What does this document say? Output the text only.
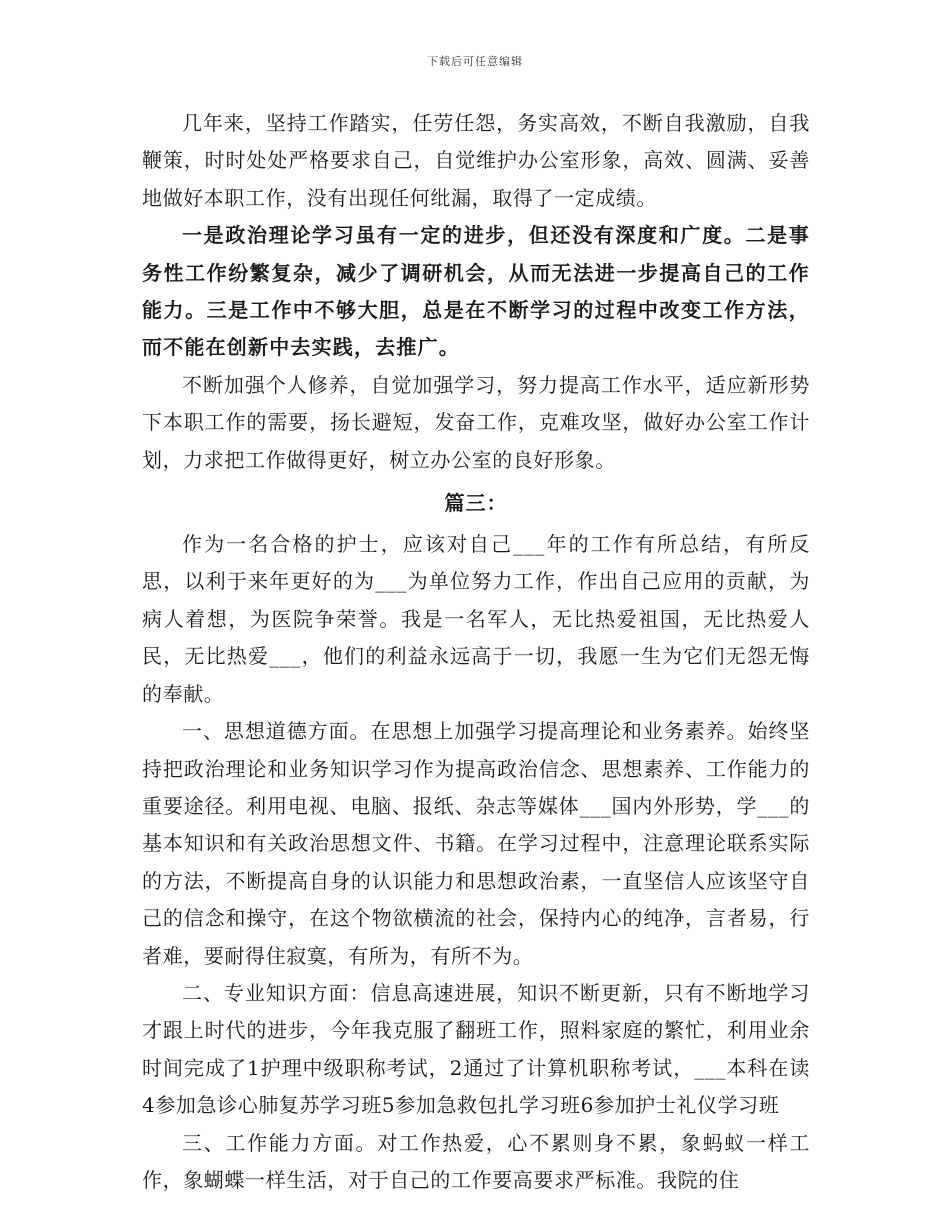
下载后可任意编辑

几年来，坚持工作踏实，任劳任怨，务实高效，不断自我激励，自我鞭策，时时处处严格要求自己，自觉维护办公室形象，高效、圆满、妥善地做好本职工作，没有出现任何纰漏，取得了一定成绩。

一是政治理论学习虽有一定的进步，但还没有深度和广度。二是事务性工作纷繁复杂，减少了调研机会，从而无法进一步提高自己的工作能力。三是工作中不够大胆，总是在不断学习的过程中改变工作方法，而不能在创新中去实践，去推广。

不断加强个人修养，自觉加强学习，努力提高工作水平，适应新形势下本职工作的需要，扬长避短，发奋工作，克难攻坚，做好办公室工作计划，力求把工作做得更好，树立办公室的良好形象。

篇三：

作为一名合格的护士，应该对自己___年的工作有所总结，有所反思，以利于来年更好的为___为单位努力工作，作出自己应用的贡献，为病人着想，为医院争荣誉。我是一名军人，无比热爱祖国，无比热爱人民，无比热爱___，他们的利益永远高于一切，我愿一生为它们无怨无悔的奉献。

一、思想道德方面。在思想上加强学习提高理论和业务素养。始终坚持把政治理论和业务知识学习作为提高政治信念、思想素养、工作能力的重要途径。利用电视、电脑、报纸、杂志等媒体___国内外形势，学___的基本知识和有关政治思想文件、书籍。在学习过程中，注意理论联系实际的方法，不断提高自身的认识能力和思想政治素，一直坚信人应该坚守自己的信念和操守，在这个物欲横流的社会，保持内心的纯净，言者易，行者难，要耐得住寂寞，有所为，有所不为。

二、专业知识方面：信息高速进展，知识不断更新，只有不断地学习才跟上时代的进步，今年我克服了翻班工作，照料家庭的繁忙，利用业余时间完成了1护理中级职称考试，2通过了计算机职称考试，___本科在读4参加急诊心肺复苏学习班5参加急救包扎学习班6参加护士礼仪学习班

三、工作能力方面。对工作热爱，心不累则身不累，象蚂蚁一样工作，象蝴蝶一样生活，对于自己的工作要高要求严标准。我院的住
